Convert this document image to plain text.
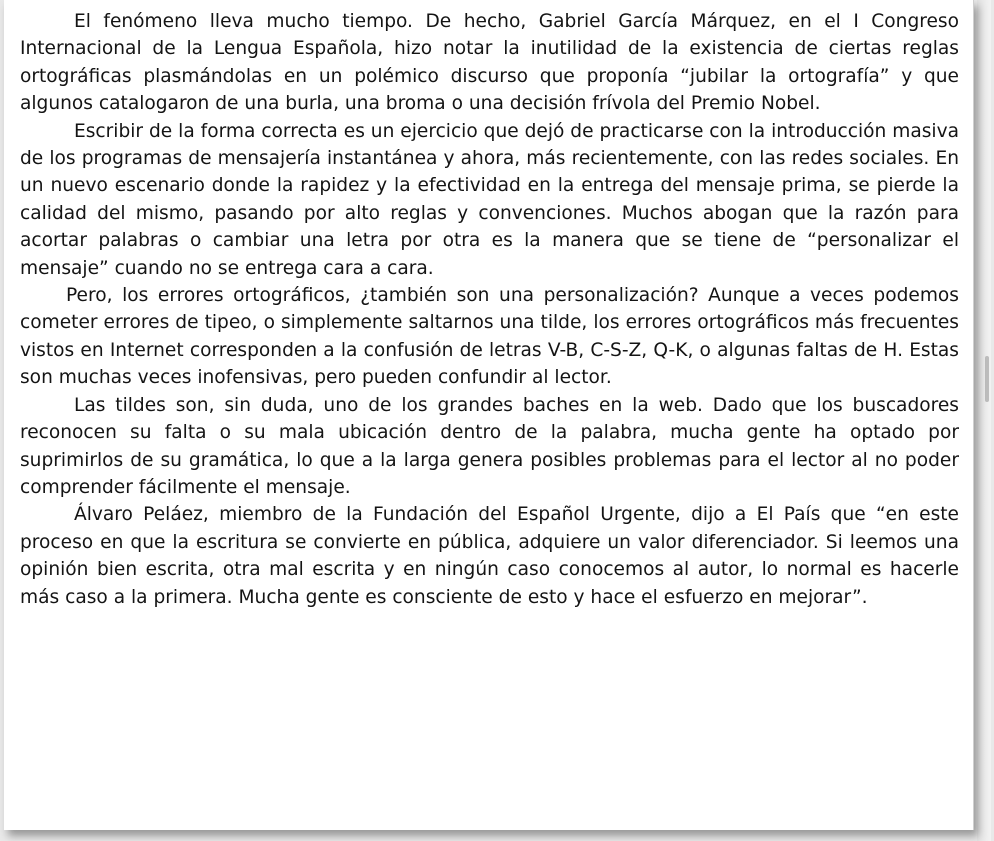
El fenómeno lleva mucho tiempo. De hecho, Gabriel García Márquez, en el I Congreso Internacional de la Lengua Española, hizo notar la inutilidad de la existencia de ciertas reglas ortográficas plasmándolas en un polémico discurso que proponía “jubilar la ortografía” y que algunos catalogaron de una burla, una broma o una decisión frívola del Premio Nobel.

Escribir de la forma correcta es un ejercicio que dejó de practicarse con la introducción masiva de los programas de mensajería instantánea y ahora, más recientemente, con las redes sociales. En un nuevo escenario donde la rapidez y la efectividad en la entrega del mensaje prima, se pierde la calidad del mismo, pasando por alto reglas y convenciones. Muchos abogan que la razón para acortar palabras o cambiar una letra por otra es la manera que se tiene de “personalizar el mensaje” cuando no se entrega cara a cara.

Pero, los errores ortográficos, ¿también son una personalización? Aunque a veces podemos cometer errores de tipeo, o simplemente saltarnos una tilde, los errores ortográficos más frecuentes vistos en Internet corresponden a la confusión de letras V-B, C-S-Z, Q-K, o algunas faltas de H. Estas son muchas veces inofensivas, pero pueden confundir al lector.

Las tildes son, sin duda, uno de los grandes baches en la web. Dado que los buscadores reconocen su falta o su mala ubicación dentro de la palabra, mucha gente ha optado por suprimirlos de su gramática, lo que a la larga genera posibles problemas para el lector al no poder comprender fácilmente el mensaje.

Álvaro Peláez, miembro de la Fundación del Español Urgente, dijo a El País que “en este proceso en que la escritura se convierte en pública, adquiere un valor diferenciador. Si leemos una opinión bien escrita, otra mal escrita y en ningún caso conocemos al autor, lo normal es hacerle más caso a la primera. Mucha gente es consciente de esto y hace el esfuerzo en mejorar”.
